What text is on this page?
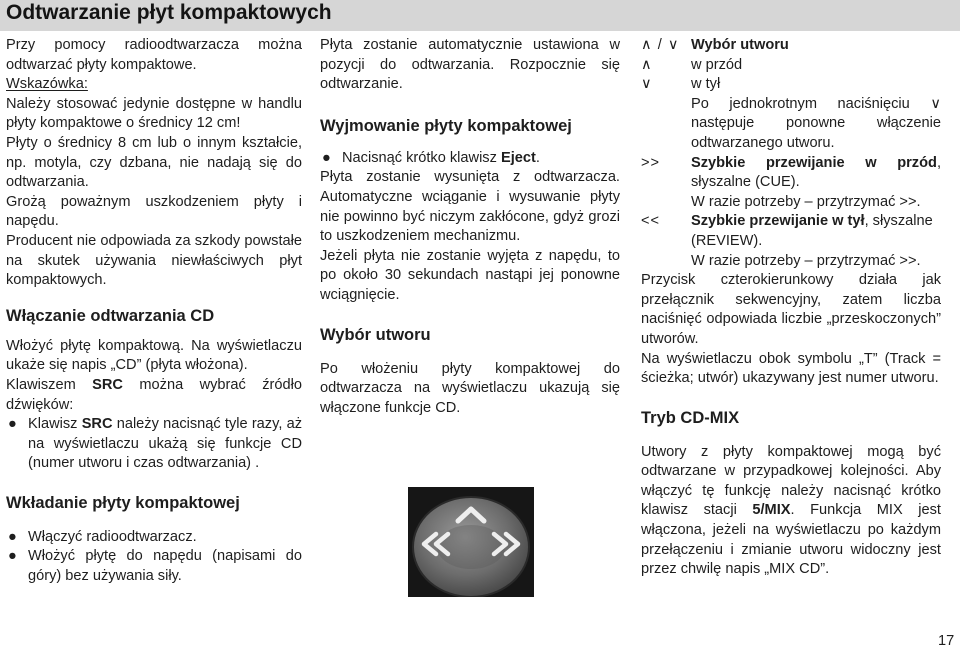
Odtwarzanie płyt kompaktowych

Przy pomocy radioodtwarzacza można odtwarzać płyty kompaktowe.

Wskazówka:

Należy stosować jedynie dostępne w handlu płyty kompaktowe o średnicy 12 cm!

Płyty o średnicy 8 cm lub o innym kształcie, np. motyla, czy dzbana, nie nadają się do odtwarzania.

Grożą poważnym uszkodzeniem płyty i napędu.

Producent nie odpowiada za szkody powstałe na skutek używania niewłaściwych płyt kompaktowych.

Włączanie odtwarzania CD

Włożyć płytę kompaktową. Na wyświetlaczu ukaże się napis „CD” (płyta włożona).

Klawiszem SRC można wybrać źródło dźwięków:

● Klawisz SRC należy nacisnąć tyle razy, aż na wyświetlaczu ukażą się funkcje CD (numer utworu i czas odtwarzania) .

Wkładanie płyty kompaktowej

● Włączyć radioodtwarzacz.

● Włożyć płytę do napędu (napisami do góry) bez używania siły.

Płyta zostanie automatycznie ustawiona w pozycji do odtwarzania. Rozpocznie się odtwarzanie.

Wyjmowanie płyty kompaktowej

● Nacisnąć krótko klawisz Eject.

Płyta zostanie wysunięta z odtwarzacza. Automatyczne wciąganie i wysuwanie płyty nie powinno być niczym zakłócone, gdyż grozi to uszkodzeniem mechanizmu.

Jeżeli płyta nie zostanie wyjęta z napędu, to po około 30 sekundach nastąpi jej ponowne wciągnięcie.

Wybór utworu

Po włożeniu płyty kompaktowej do odtwarzacza na wyświetlaczu ukazują się włączone funkcje CD.

∧ / ∨ Wybór utworu
∧	w przód
∨	w tył

Po jednokrotnym naciśnięciu ∨ następuje ponowne włączenie odtwarzanego utworu.

>>	Szybkie przewijanie w przód, słyszalne (CUE).

W razie potrzeby – przytrzymać >>.

<<	Szybkie przewijanie w tył, słyszalne (REVIEW).

W razie potrzeby – przytrzymać >>.

Przycisk czterokierunkowy działa jak przełącznik sekwencyjny, zatem liczba naciśnięć odpowiada liczbie „przeskoczonych” utworów.

Na wyświetlaczu obok symbolu „T” (Track = ścieżka; utwór) ukazywany jest numer utworu.

Tryb CD-MIX

Utwory z płyty kompaktowej mogą być odtwarzane w przypadkowej kolejności. Aby włączyć tę funkcję należy nacisnąć krótko klawisz stacji 5/MIX. Funkcja MIX jest włączona, jeżeli na wyświetlaczu po każdym przełączeniu i zmianie utworu widoczny jest przez chwilę napis „MIX CD”.

17
